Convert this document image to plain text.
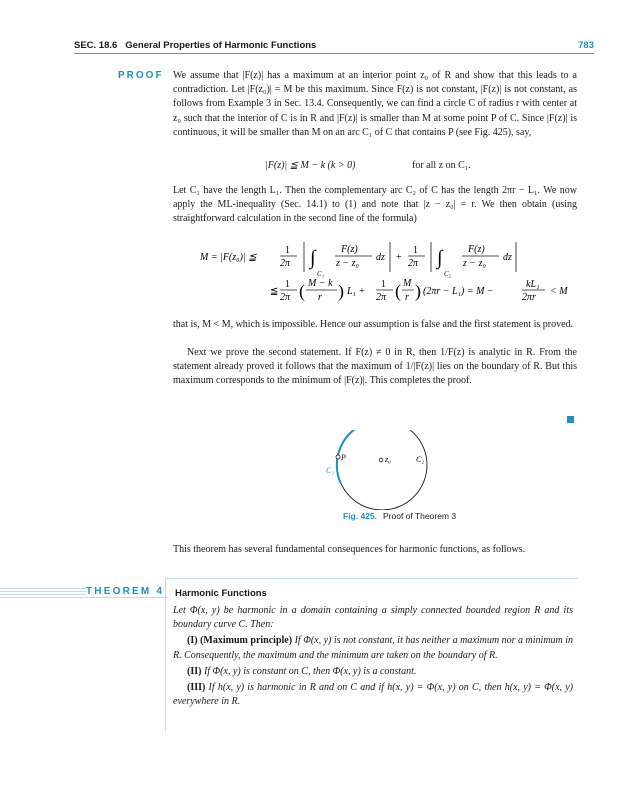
SEC. 18.6 General Properties of Harmonic Functions	783
PROOF We assume that |F(z)| has a maximum at an interior point z₀ of R and show that this leads to a contradiction. Let |F(z₀)| = M be this maximum. Since F(z) is not constant, |F(z)| is not constant, as follows from Example 3 in Sec. 13.4. Consequently, we can find a circle C of radius r with center at z₀ such that the interior of C is in R and |F(z)| is smaller than M at some point P of C. Since |F(z)| is continuous, it will be smaller than M on an arc C₁ of C that contains P (see Fig. 425), say,

|F(z)| ≦ M − k (k > 0)	for all z on C₁.

Let C₁ have the length L₁. Then the complementary arc C₂ of C has the length 2πr − L₁. We now apply the ML-inequality (Sec. 14.1) to (1) and note that |z − z₀| = r. We then obtain (using straightforward calculation in the second line of the formula)

M = |F(z₀)| ≦
1
2π ∫
C₁
F(z)
z − z₀
dz +
1
2π ∫
C₂
F(z)
z − z₀
dz
≦
1
2π ( M − k
r ) L₁ +
1
2π ( M
r ) (2πr − L₁) = M −
kL₁
2πr
< M

that is, M < M, which is impossible. Hence our assumption is false and the first statement is proved.

Next we prove the second statement. If F(z) ≠ 0 in R, then 1/F(z) is analytic in R. From the statement already proved it follows that the maximum of 1/|F(z)| lies on the boundary of R. But this maximum corresponds to the minimum of |F(z)|. This completes the proof.

P	z₀
C₁
C₂
Fig. 425. Proof of Theorem 3

This theorem has several fundamental consequences for harmonic functions, as follows.

THEOREM 4	Harmonic Functions

Let Φ(x, y) be harmonic in a domain containing a simply connected bounded region R and its boundary curve C. Then:

(I) (Maximum principle) If Φ(x, y) is not constant, it has neither a maximum nor a minimum in R. Consequently, the maximum and the minimum are taken on the boundary of R.

(II) If Φ(x, y) is constant on C, then Φ(x, y) is a constant.

(III) If h(x, y) is harmonic in R and on C and if h(x, y) = Φ(x, y) on C, then h(x, y) = Φ(x, y) everywhere in R.
